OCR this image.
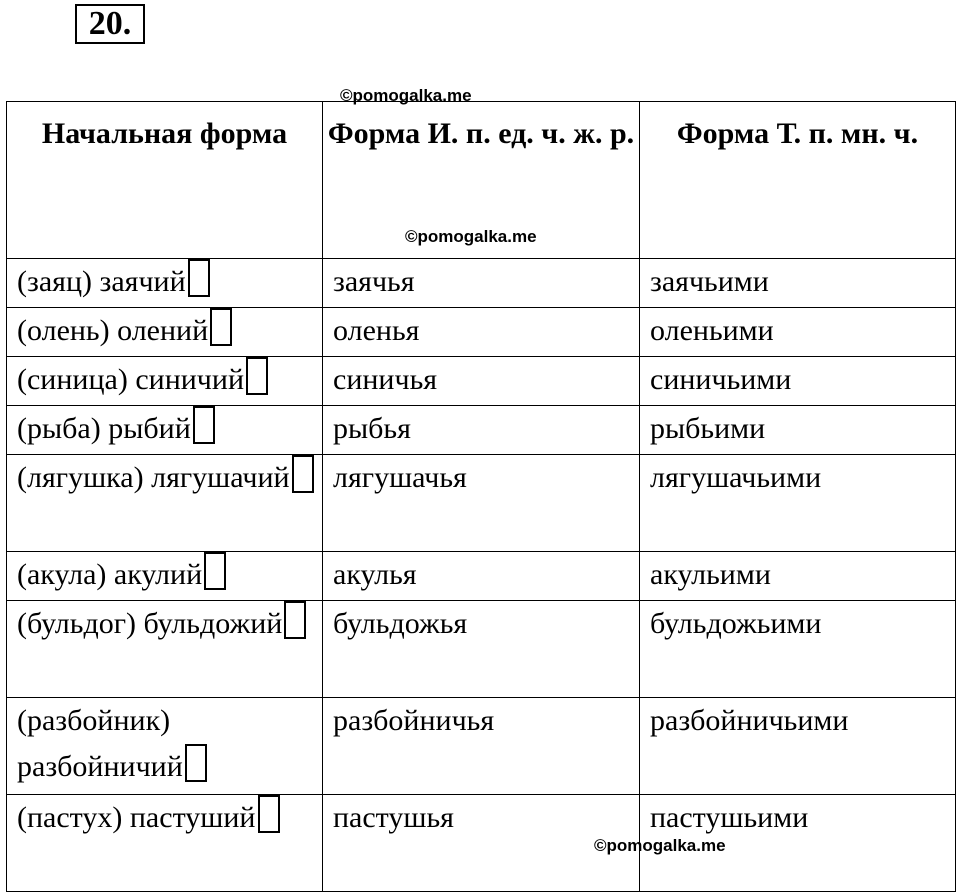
20.
©pomogalka.me
©pomogalka.me
©pomogalka.me
Начальная форма	Форма И. п. ед. ч. ж. р.	Форма Т. п. мн. ч.
(заяц) заячий	заячья	заячьими
(олень) олений	оленья	оленьими
(синица) синичий	синичья	синичьими
(рыба) рыбий	рыбья	рыбьими
(лягушка) лягушачий	лягушачья	лягушачьими
(акула) акулий	акулья	акульими
(бульдог) бульдожий	бульдожья	бульдожьими
(разбойник) разбойничий	разбойничья	разбойничьими
(пастух) пастуший	пастушья	пастушьими
